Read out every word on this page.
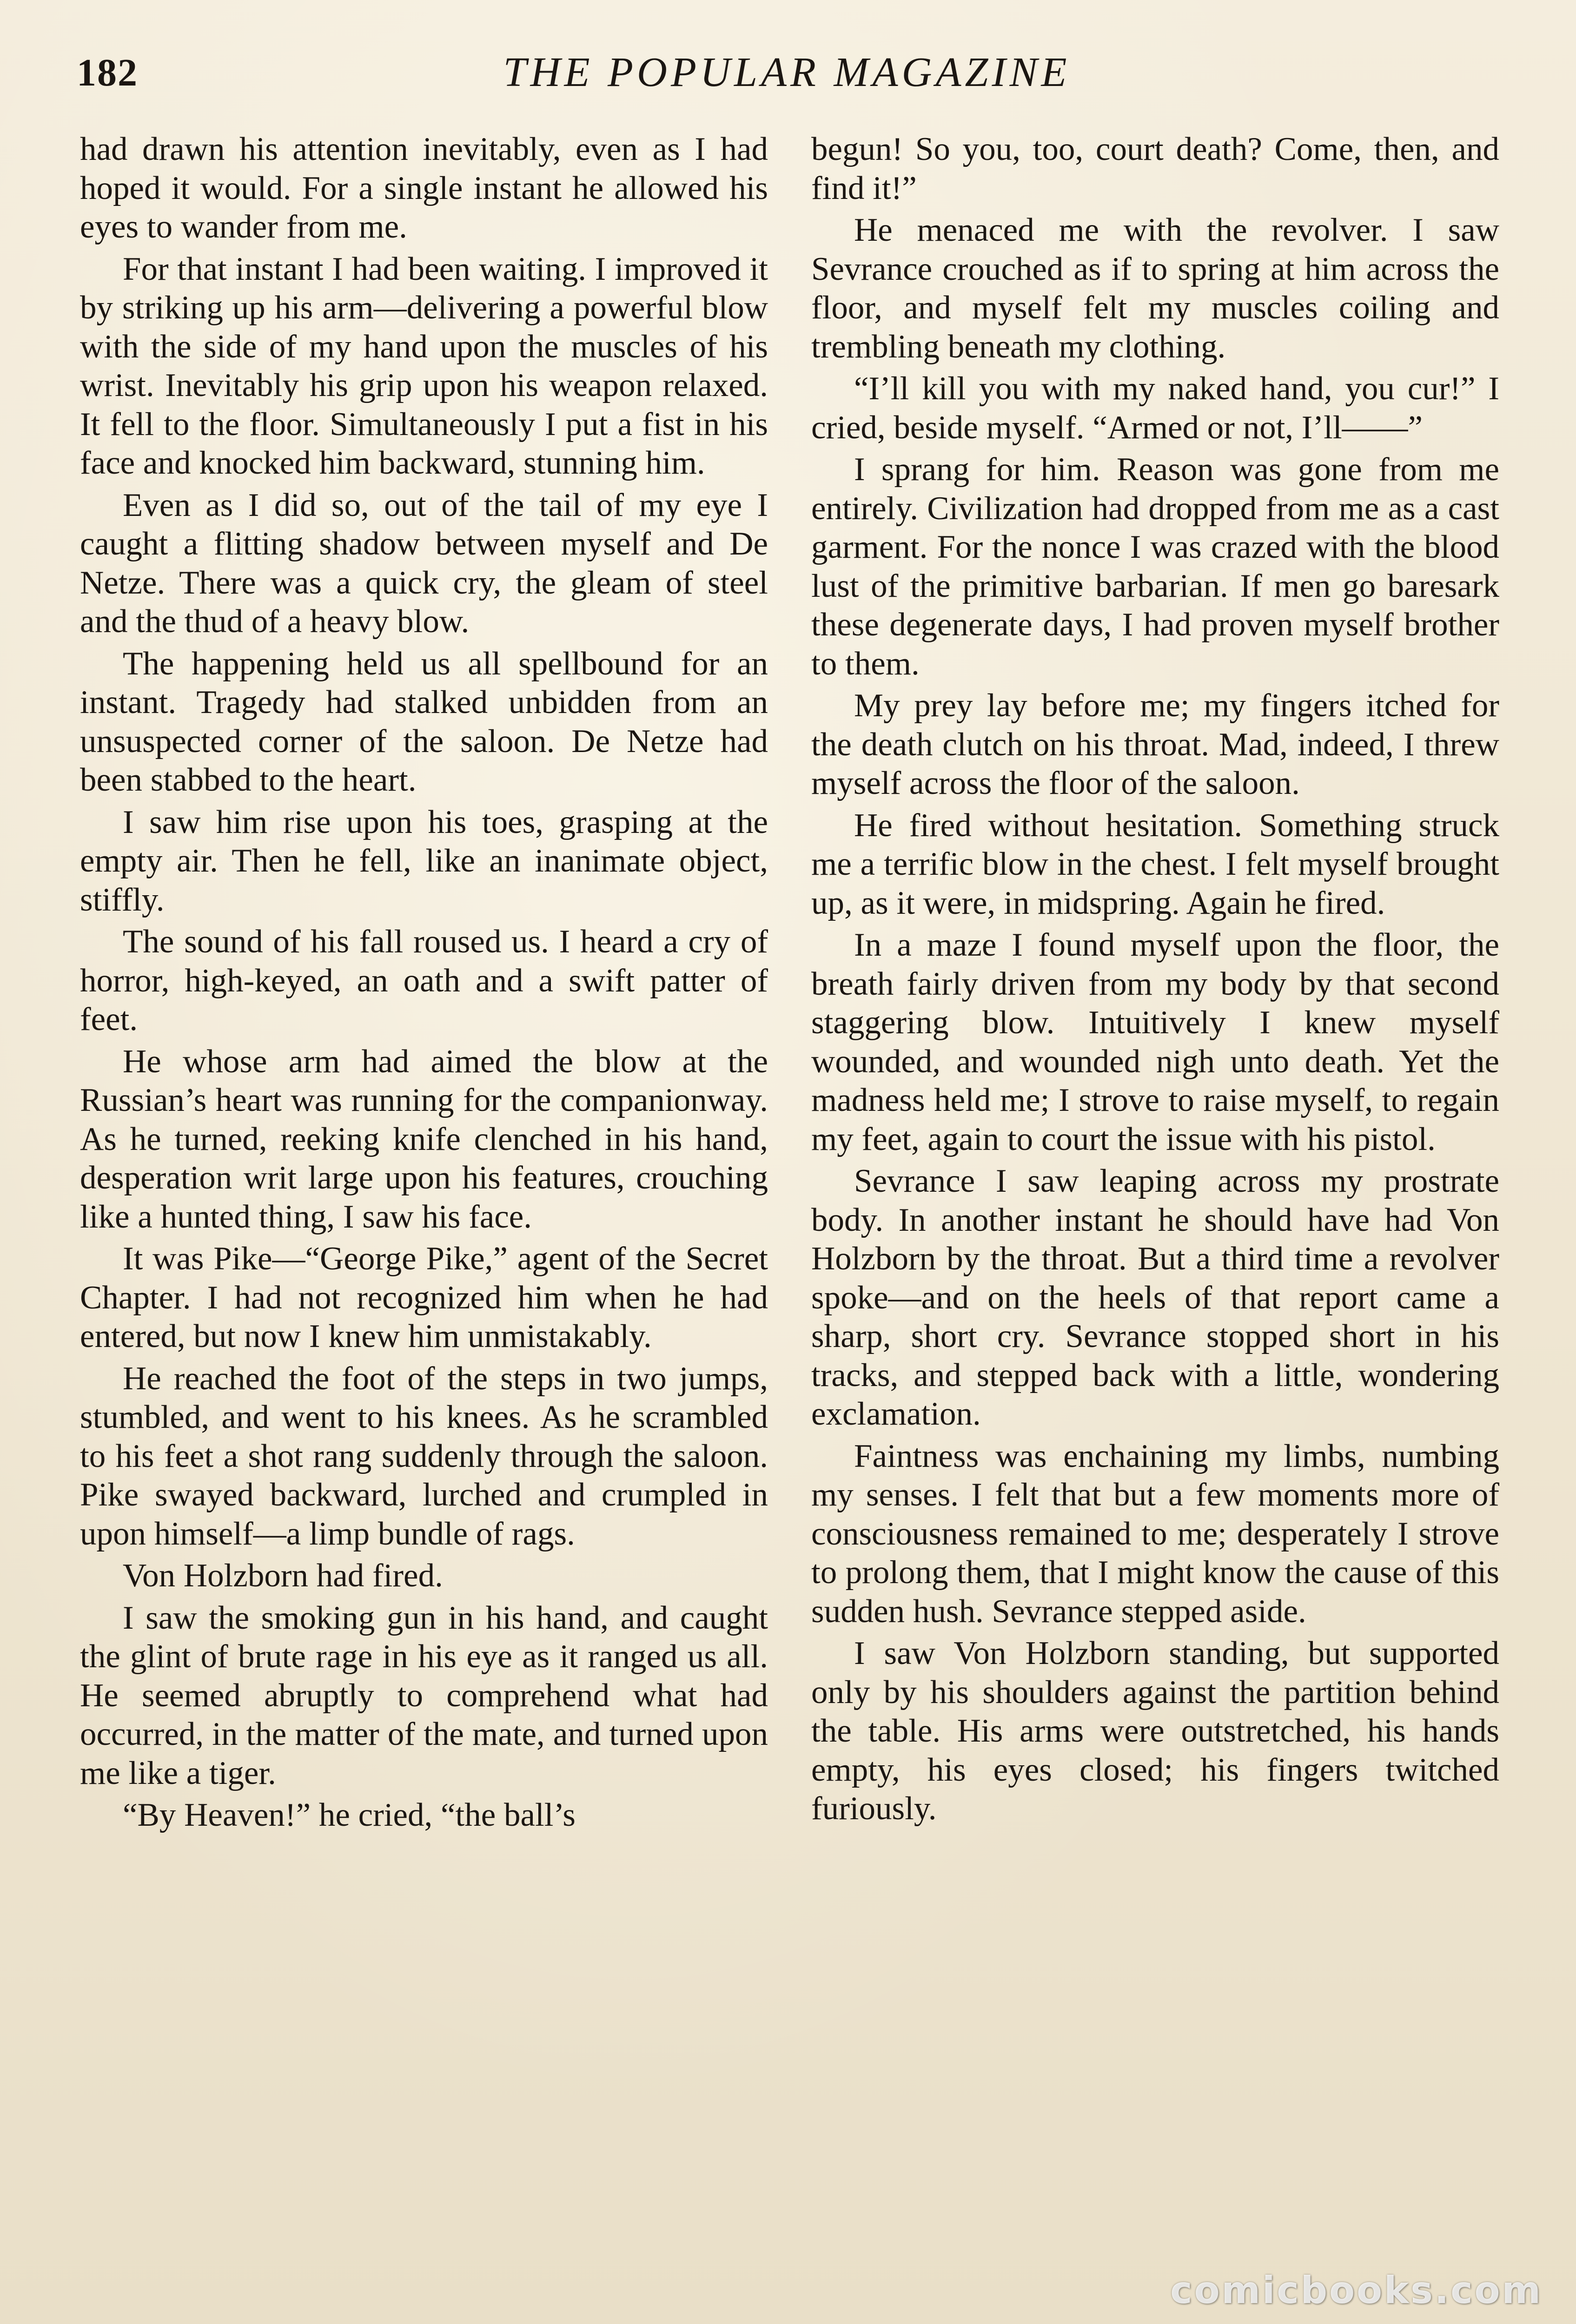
182	THE POPULAR MAGAZINE

had drawn his attention inevitably, even as I had hoped it would. For a single instant he allowed his eyes to wander from me.

For that instant I had been waiting. I improved it by striking up his arm—delivering a powerful blow with the side of my hand upon the muscles of his wrist. Inevitably his grip upon his weapon relaxed. It fell to the floor. Simultaneously I put a fist in his face and knocked him backward, stunning him.

Even as I did so, out of the tail of my eye I caught a flitting shadow between myself and De Netze. There was a quick cry, the gleam of steel and the thud of a heavy blow.

The happening held us all spellbound for an instant. Tragedy had stalked unbidden from an unsuspected corner of the saloon. De Netze had been stabbed to the heart.

I saw him rise upon his toes, grasping at the empty air. Then he fell, like an inanimate object, stiffly.

The sound of his fall roused us. I heard a cry of horror, high-keyed, an oath and a swift patter of feet.

He whose arm had aimed the blow at the Russian’s heart was running for the companionway. As he turned, reeking knife clenched in his hand, desperation writ large upon his features, crouching like a hunted thing, I saw his face.

It was Pike—“George Pike,” agent of the Secret Chapter. I had not recognized him when he had entered, but now I knew him unmistakably.

He reached the foot of the steps in two jumps, stumbled, and went to his knees. As he scrambled to his feet a shot rang suddenly through the saloon. Pike swayed backward, lurched and crumpled in upon himself—a limp bundle of rags.

Von Holzborn had fired.

I saw the smoking gun in his hand, and caught the glint of brute rage in his eye as it ranged us all. He seemed abruptly to comprehend what had occurred, in the matter of the mate, and turned upon me like a tiger.

“By Heaven!” he cried, “the ball’s

begun! So you, too, court death? Come, then, and find it!”

He menaced me with the revolver. I saw Sevrance crouched as if to spring at him across the floor, and myself felt my muscles coiling and trembling beneath my clothing.

“I’ll kill you with my naked hand, you cur!” I cried, beside myself. “Armed or not, I’ll——”

I sprang for him. Reason was gone from me entirely. Civilization had dropped from me as a cast garment. For the nonce I was crazed with the blood lust of the primitive barbarian. If men go baresark these degenerate days, I had proven myself brother to them.

My prey lay before me; my fingers itched for the death clutch on his throat. Mad, indeed, I threw myself across the floor of the saloon.

He fired without hesitation. Something struck me a terrific blow in the chest. I felt myself brought up, as it were, in midspring. Again he fired.

In a maze I found myself upon the floor, the breath fairly driven from my body by that second staggering blow. Intuitively I knew myself wounded, and wounded nigh unto death. Yet the madness held me; I strove to raise myself, to regain my feet, again to court the issue with his pistol.

Sevrance I saw leaping across my prostrate body. In another instant he should have had Von Holzborn by the throat. But a third time a revolver spoke—and on the heels of that report came a sharp, short cry. Sevrance stopped short in his tracks, and stepped back with a little, wondering exclamation.

Faintness was enchaining my limbs, numbing my senses. I felt that but a few moments more of consciousness remained to me; desperately I strove to prolong them, that I might know the cause of this sudden hush. Sevrance stepped aside.

I saw Von Holzborn standing, but supported only by his shoulders against the partition behind the table. His arms were outstretched, his hands empty, his eyes closed; his fingers twitched furiously.

comicbooks.com
